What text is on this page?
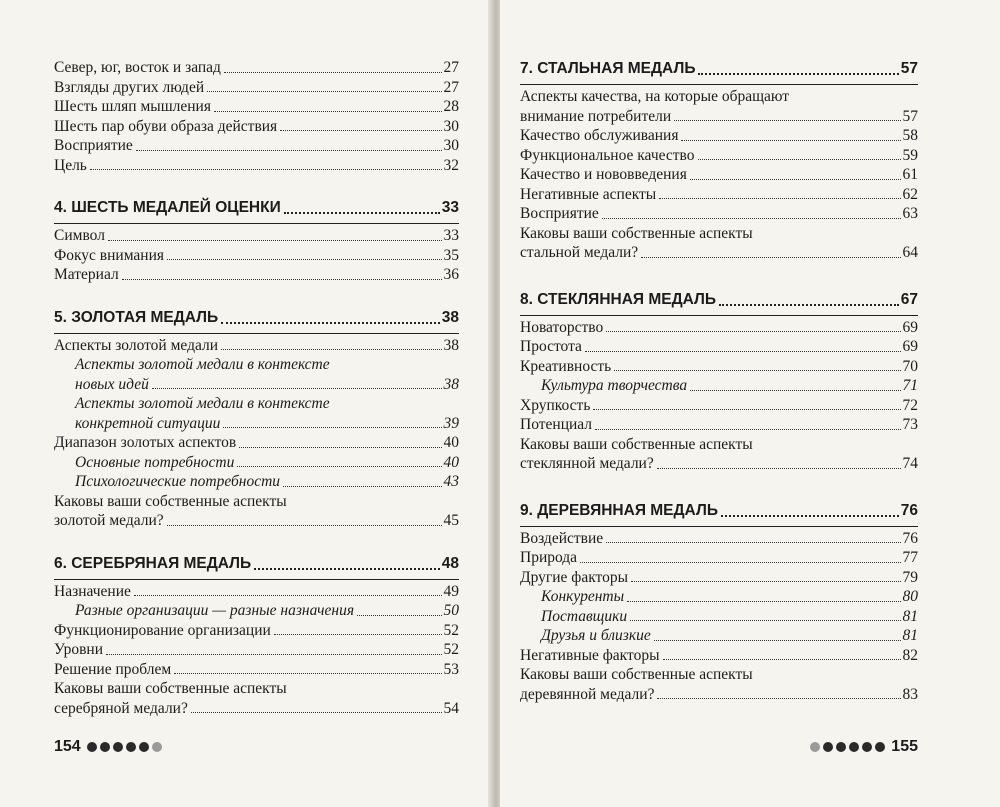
Север, юг, восток и запад	27
Взгляды других людей	27
Шесть шляп мышления	28
Шесть пар обуви образа действия	30
Восприятие	30
Цель	32
4. ШЕСТЬ МЕДАЛЕЙ ОЦЕНКИ	33
Символ	33
Фокус внимания	35
Материал	36
5. ЗОЛОТАЯ МЕДАЛЬ	38
Аспекты золотой медали	38
Аспекты золотой медали в контексте
новых идей	38
Аспекты золотой медали в контексте
конкретной ситуации	39
Диапазон золотых аспектов	40
Основные потребности	40
Психологические потребности	43
Каковы ваши собственные аспекты
золотой медали?	45
6. СЕРЕБРЯНАЯ МЕДАЛЬ	48
Назначение	49
Разные организации — разные назначения	50
Функционирование организации	52
Уровни	52
Решение проблем	53
Каковы ваши собственные аспекты
серебряной медали?	54
154
7. СТАЛЬНАЯ МЕДАЛЬ	57
Аспекты качества, на которые обращают
внимание потребители	57
Качество обслуживания	58
Функциональное качество	59
Качество и нововведения	61
Негативные аспекты	62
Восприятие	63
Каковы ваши собственные аспекты
стальной медали?	64
8. СТЕКЛЯННАЯ МЕДАЛЬ	67
Новаторство	69
Простота	69
Креативность	70
Культура творчества	71
Хрупкость	72
Потенциал	73
Каковы ваши собственные аспекты
стеклянной медали?	74
9. ДЕРЕВЯННАЯ МЕДАЛЬ	76
Воздействие	76
Природа	77
Другие факторы	79
Конкуренты	80
Поставщики	81
Друзья и близкие	81
Негативные факторы	82
Каковы ваши собственные аспекты
деревянной медали?	83
155
